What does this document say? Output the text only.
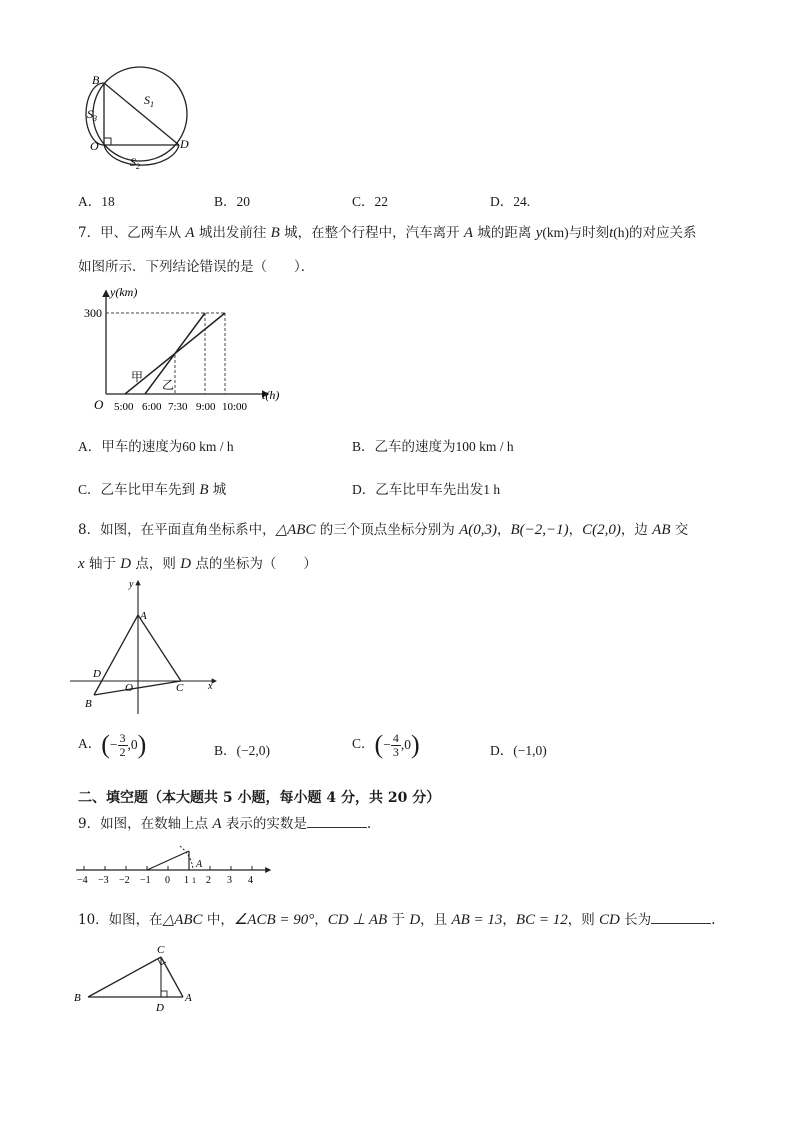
B
O	D
$S_1$
$S_2$
$S_3$
A．18	B．20	C．22	D．24.
7．甲、乙两车从 A 城出发前往 B 城，在整个行程中，汽车离开 A 城的距离 y(km)与时刻t(h)的对应关系
如图所示．下列结论错误的是（　　）．
y(km)
t(h)
300
O 5:00 6:00 7:30 9:00 10:00
甲
乙
A．甲车的速度为60 km / h	B．乙车的速度为100 km / h
C．乙车比甲车先到 B 城	D．乙车比甲车先出发1 h
8．如图，在平面直角坐标系中，△ABC 的三个顶点坐标分别为 A(0,3)，B(−2,−1)，C(2,0)，边 AB 交
x 轴于 D 点，则 D 点的坐标为（　　）
y
x
A
B
C
D
O
A．(− $\frac{3}{2} ,0$)	B．(−2,0)	C．(− $\frac{4}{3} ,0$)	D．(−1,0)
二、填空题（本大题共 5 小题，每小题 4 分，共 20 分）
9．如图，在数轴上点 A 表示的实数是	.
A
−4 −3 −2 −1 0 1 1 2 3 4
10．如图，在△ABC 中，∠ACB = 90°，CD ⊥ AB 于 D，且 AB = 13，BC = 12，则 CD 长为	.
C
B	A
D
